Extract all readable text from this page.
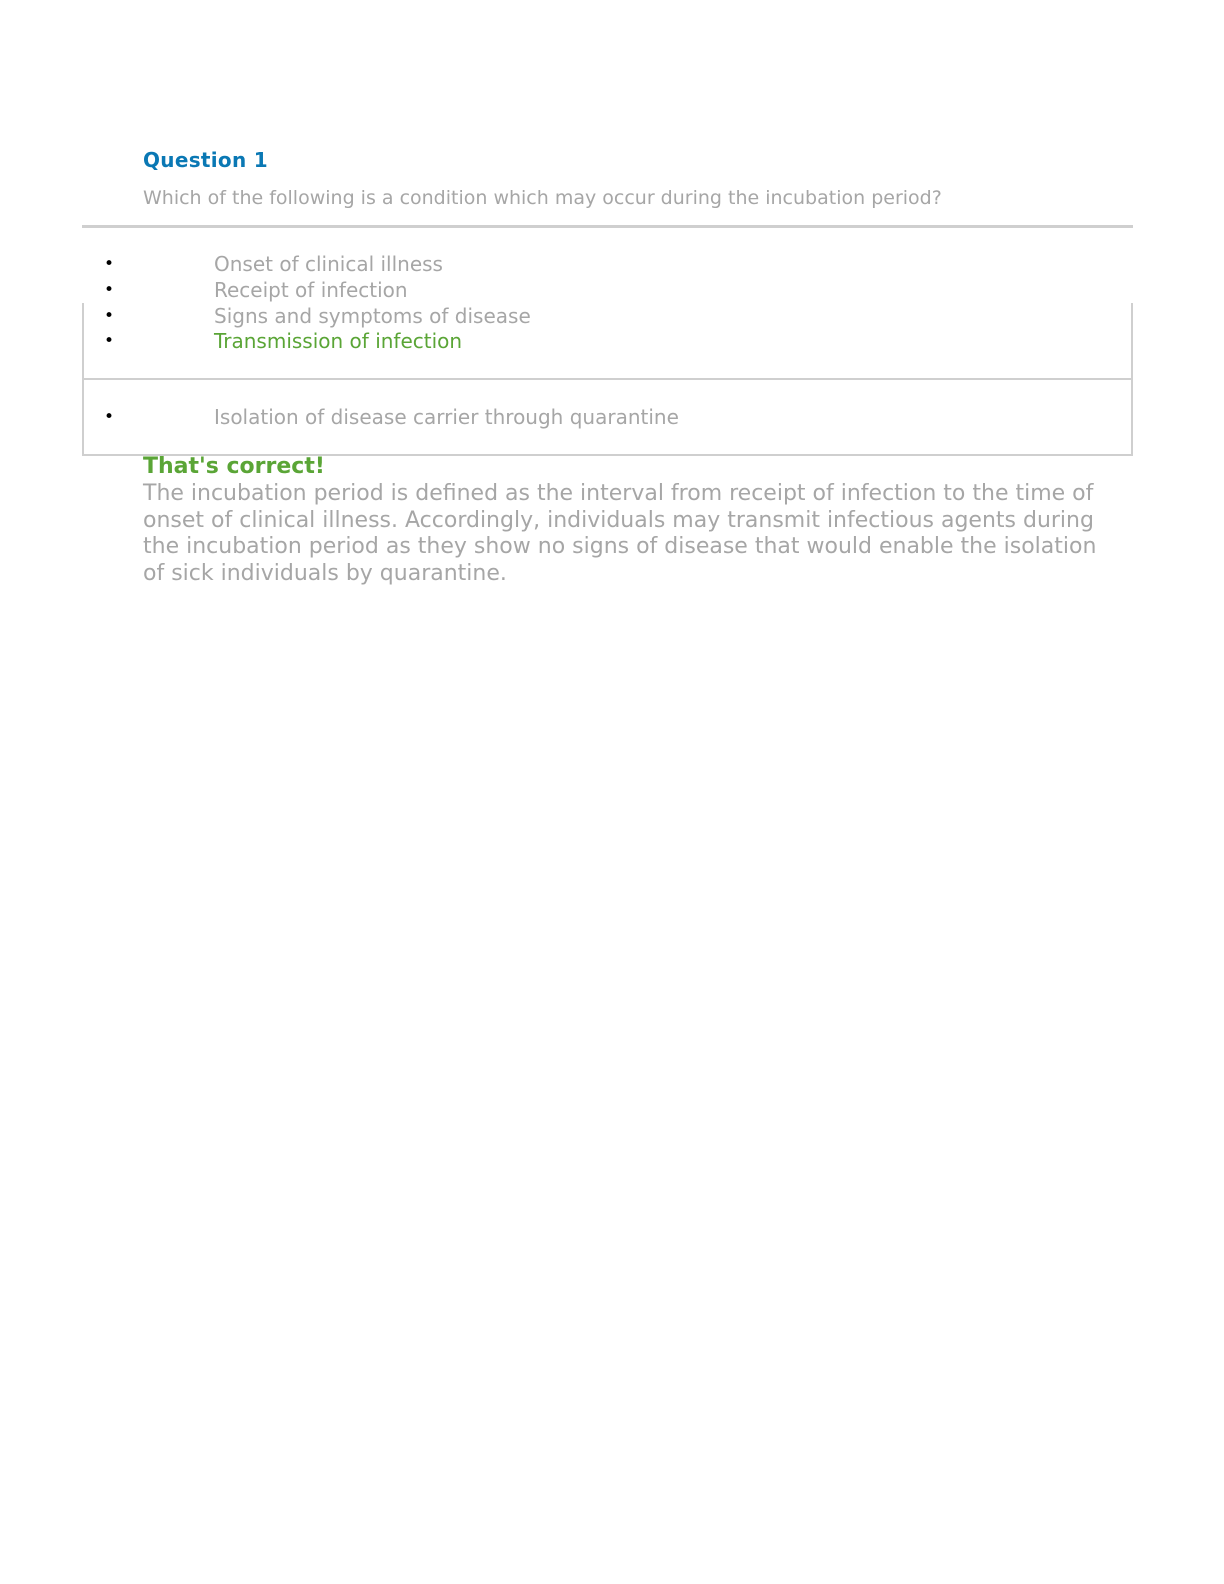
Question 1

Which of the following is a condition which may occur during the incubation period?

•	Onset of clinical illness
•	Receipt of infection
•	Signs and symptoms of disease
•	Transmission of infection
•	Isolation of disease carrier through quarantine
That's correct!

The incubation period is defined as the interval from receipt of infection to the time of onset of clinical illness. Accordingly, individuals may transmit infectious agents during the incubation period as they show no signs of disease that would enable the isolation of sick individuals by quarantine.
